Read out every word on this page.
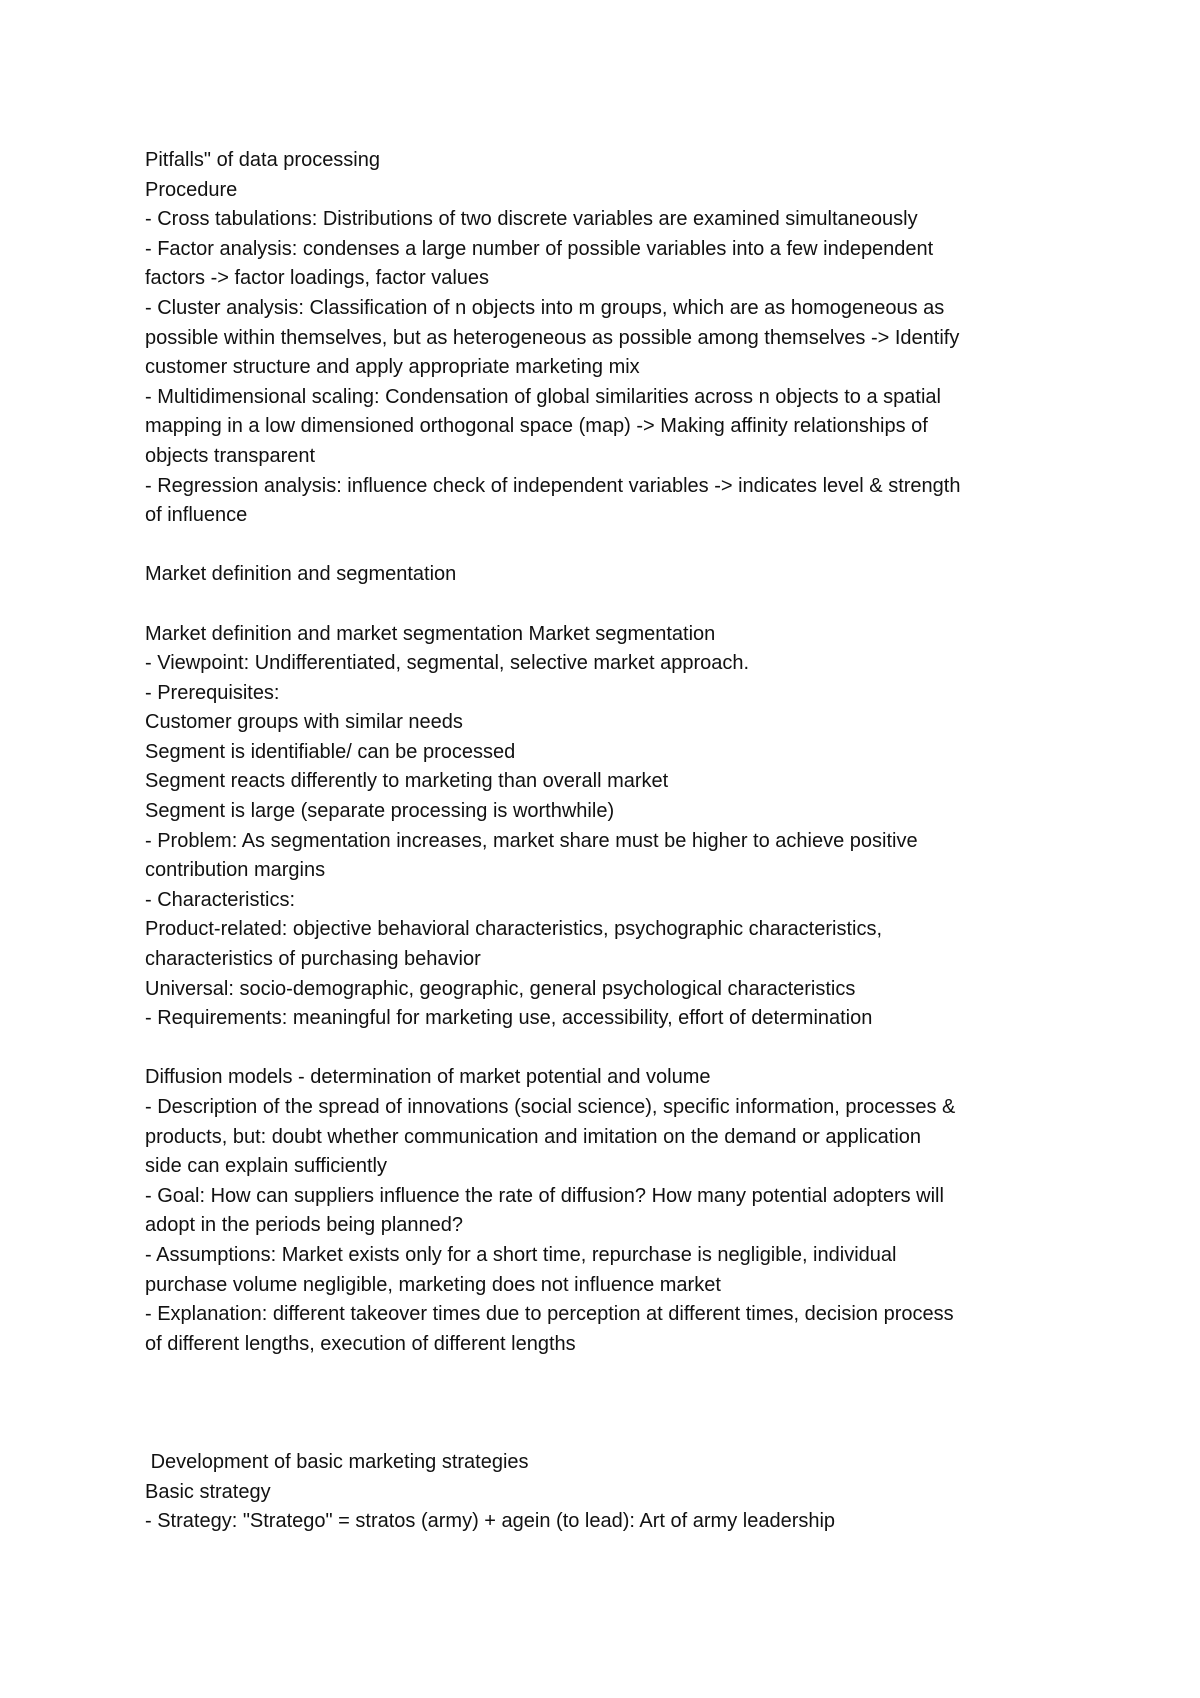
Pitfalls" of data processing
Procedure
- Cross tabulations: Distributions of two discrete variables are examined simultaneously
- Factor analysis: condenses a large number of possible variables into a few independent
factors -> factor loadings, factor values
- Cluster analysis: Classification of n objects into m groups, which are as homogeneous as
possible within themselves, but as heterogeneous as possible among themselves -> Identify
customer structure and apply appropriate marketing mix
- Multidimensional scaling: Condensation of global similarities across n objects to a spatial
mapping in a low dimensioned orthogonal space (map) -> Making affinity relationships of
objects transparent
- Regression analysis: influence check of independent variables -> indicates level & strength
of influence
Market definition and segmentation
Market definition and market segmentation Market segmentation
- Viewpoint: Undifferentiated, segmental, selective market approach.
- Prerequisites:
Customer groups with similar needs
Segment is identifiable/ can be processed
Segment reacts differently to marketing than overall market
Segment is large (separate processing is worthwhile)
- Problem: As segmentation increases, market share must be higher to achieve positive
contribution margins
- Characteristics:
Product-related: objective behavioral characteristics, psychographic characteristics,
characteristics of purchasing behavior
Universal: socio-demographic, geographic, general psychological characteristics
- Requirements: meaningful for marketing use, accessibility, effort of determination
Diffusion models - determination of market potential and volume
- Description of the spread of innovations (social science), specific information, processes &
products, but: doubt whether communication and imitation on the demand or application
side can explain sufficiently
- Goal: How can suppliers influence the rate of diffusion? How many potential adopters will
adopt in the periods being planned?
- Assumptions: Market exists only for a short time, repurchase is negligible, individual
purchase volume negligible, marketing does not influence market
- Explanation: different takeover times due to perception at different times, decision process
of different lengths, execution of different lengths
Development of basic marketing strategies
Basic strategy
- Strategy: "Stratego" = stratos (army) + agein (to lead): Art of army leadership
